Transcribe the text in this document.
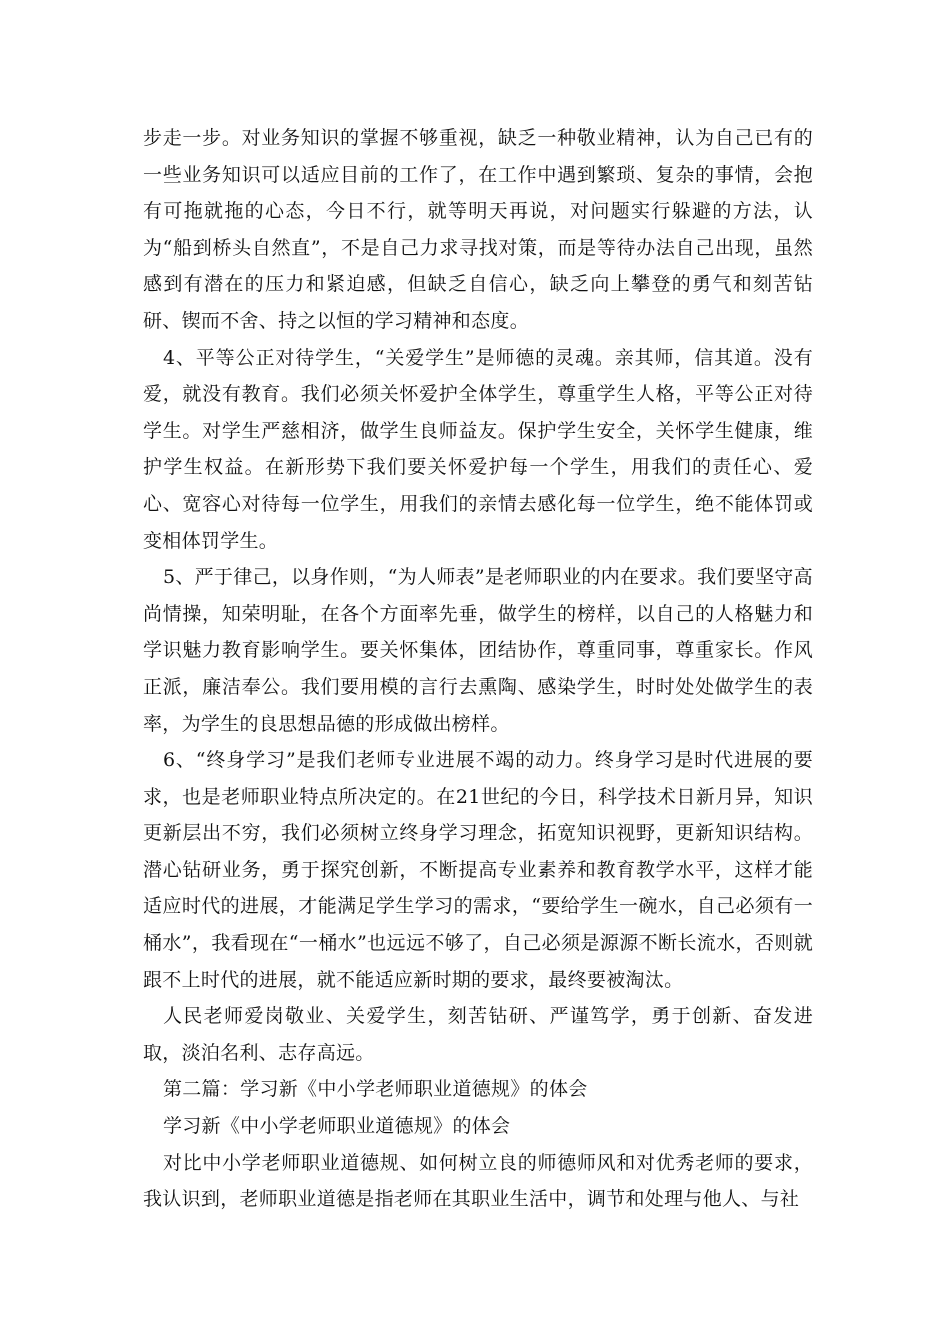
步走一步。对业务知识的掌握不够重视，缺乏一种敬业精神，认为自己已有的一些业务知识可以适应目前的工作了，在工作中遇到繁琐、复杂的事情，会抱有可拖就拖的心态，今日不行，就等明天再说，对问题实行躲避的方法，认为“船到桥头自然直”，不是自己力求寻找对策，而是等待办法自己出现，虽然感到有潜在的压力和紧迫感，但缺乏自信心，缺乏向上攀登的勇气和刻苦钻研、锲而不舍、持之以恒的学习精神和态度。

4、平等公正对待学生，“关爱学生”是师德的灵魂。亲其师，信其道。没有爱，就没有教育。我们必须关怀爱护全体学生，尊重学生人格，平等公正对待学生。对学生严慈相济，做学生良师益友。保护学生安全，关怀学生健康，维护学生权益。在新形势下我们要关怀爱护每一个学生，用我们的责任心、爱心、宽容心对待每一位学生，用我们的亲情去感化每一位学生，绝不能体罚或变相体罚学生。

5、严于律己，以身作则，“为人师表”是老师职业的内在要求。我们要坚守高尚情操，知荣明耻，在各个方面率先垂，做学生的榜样，以自己的人格魅力和学识魅力教育影响学生。要关怀集体，团结协作，尊重同事，尊重家长。作风正派，廉洁奉公。我们要用模的言行去熏陶、感染学生，时时处处做学生的表率，为学生的良思想品德的形成做出榜样。

6、“终身学习”是我们老师专业进展不竭的动力。终身学习是时代进展的要求，也是老师职业特点所决定的。在21世纪的今日，科学技术日新月异，知识更新层出不穷，我们必须树立终身学习理念，拓宽知识视野，更新知识结构。潜心钻研业务，勇于探究创新，不断提高专业素养和教育教学水平，这样才能适应时代的进展，才能满足学生学习的需求，“要给学生一碗水，自己必须有一桶水”，我看现在“一桶水”也远远不够了，自己必须是源源不断长流水，否则就跟不上时代的进展，就不能适应新时期的要求，最终要被淘汰。

人民老师爱岗敬业、关爱学生，刻苦钻研、严谨笃学，勇于创新、奋发进取，淡泊名利、志存高远。

第二篇：学习新《中小学老师职业道德规》的体会

学习新《中小学老师职业道德规》的体会

对比中小学老师职业道德规、如何树立良的师德师风和对优秀老师的要求，我认识到，老师职业道德是指老师在其职业生活中，调节和处理与他人、与社
